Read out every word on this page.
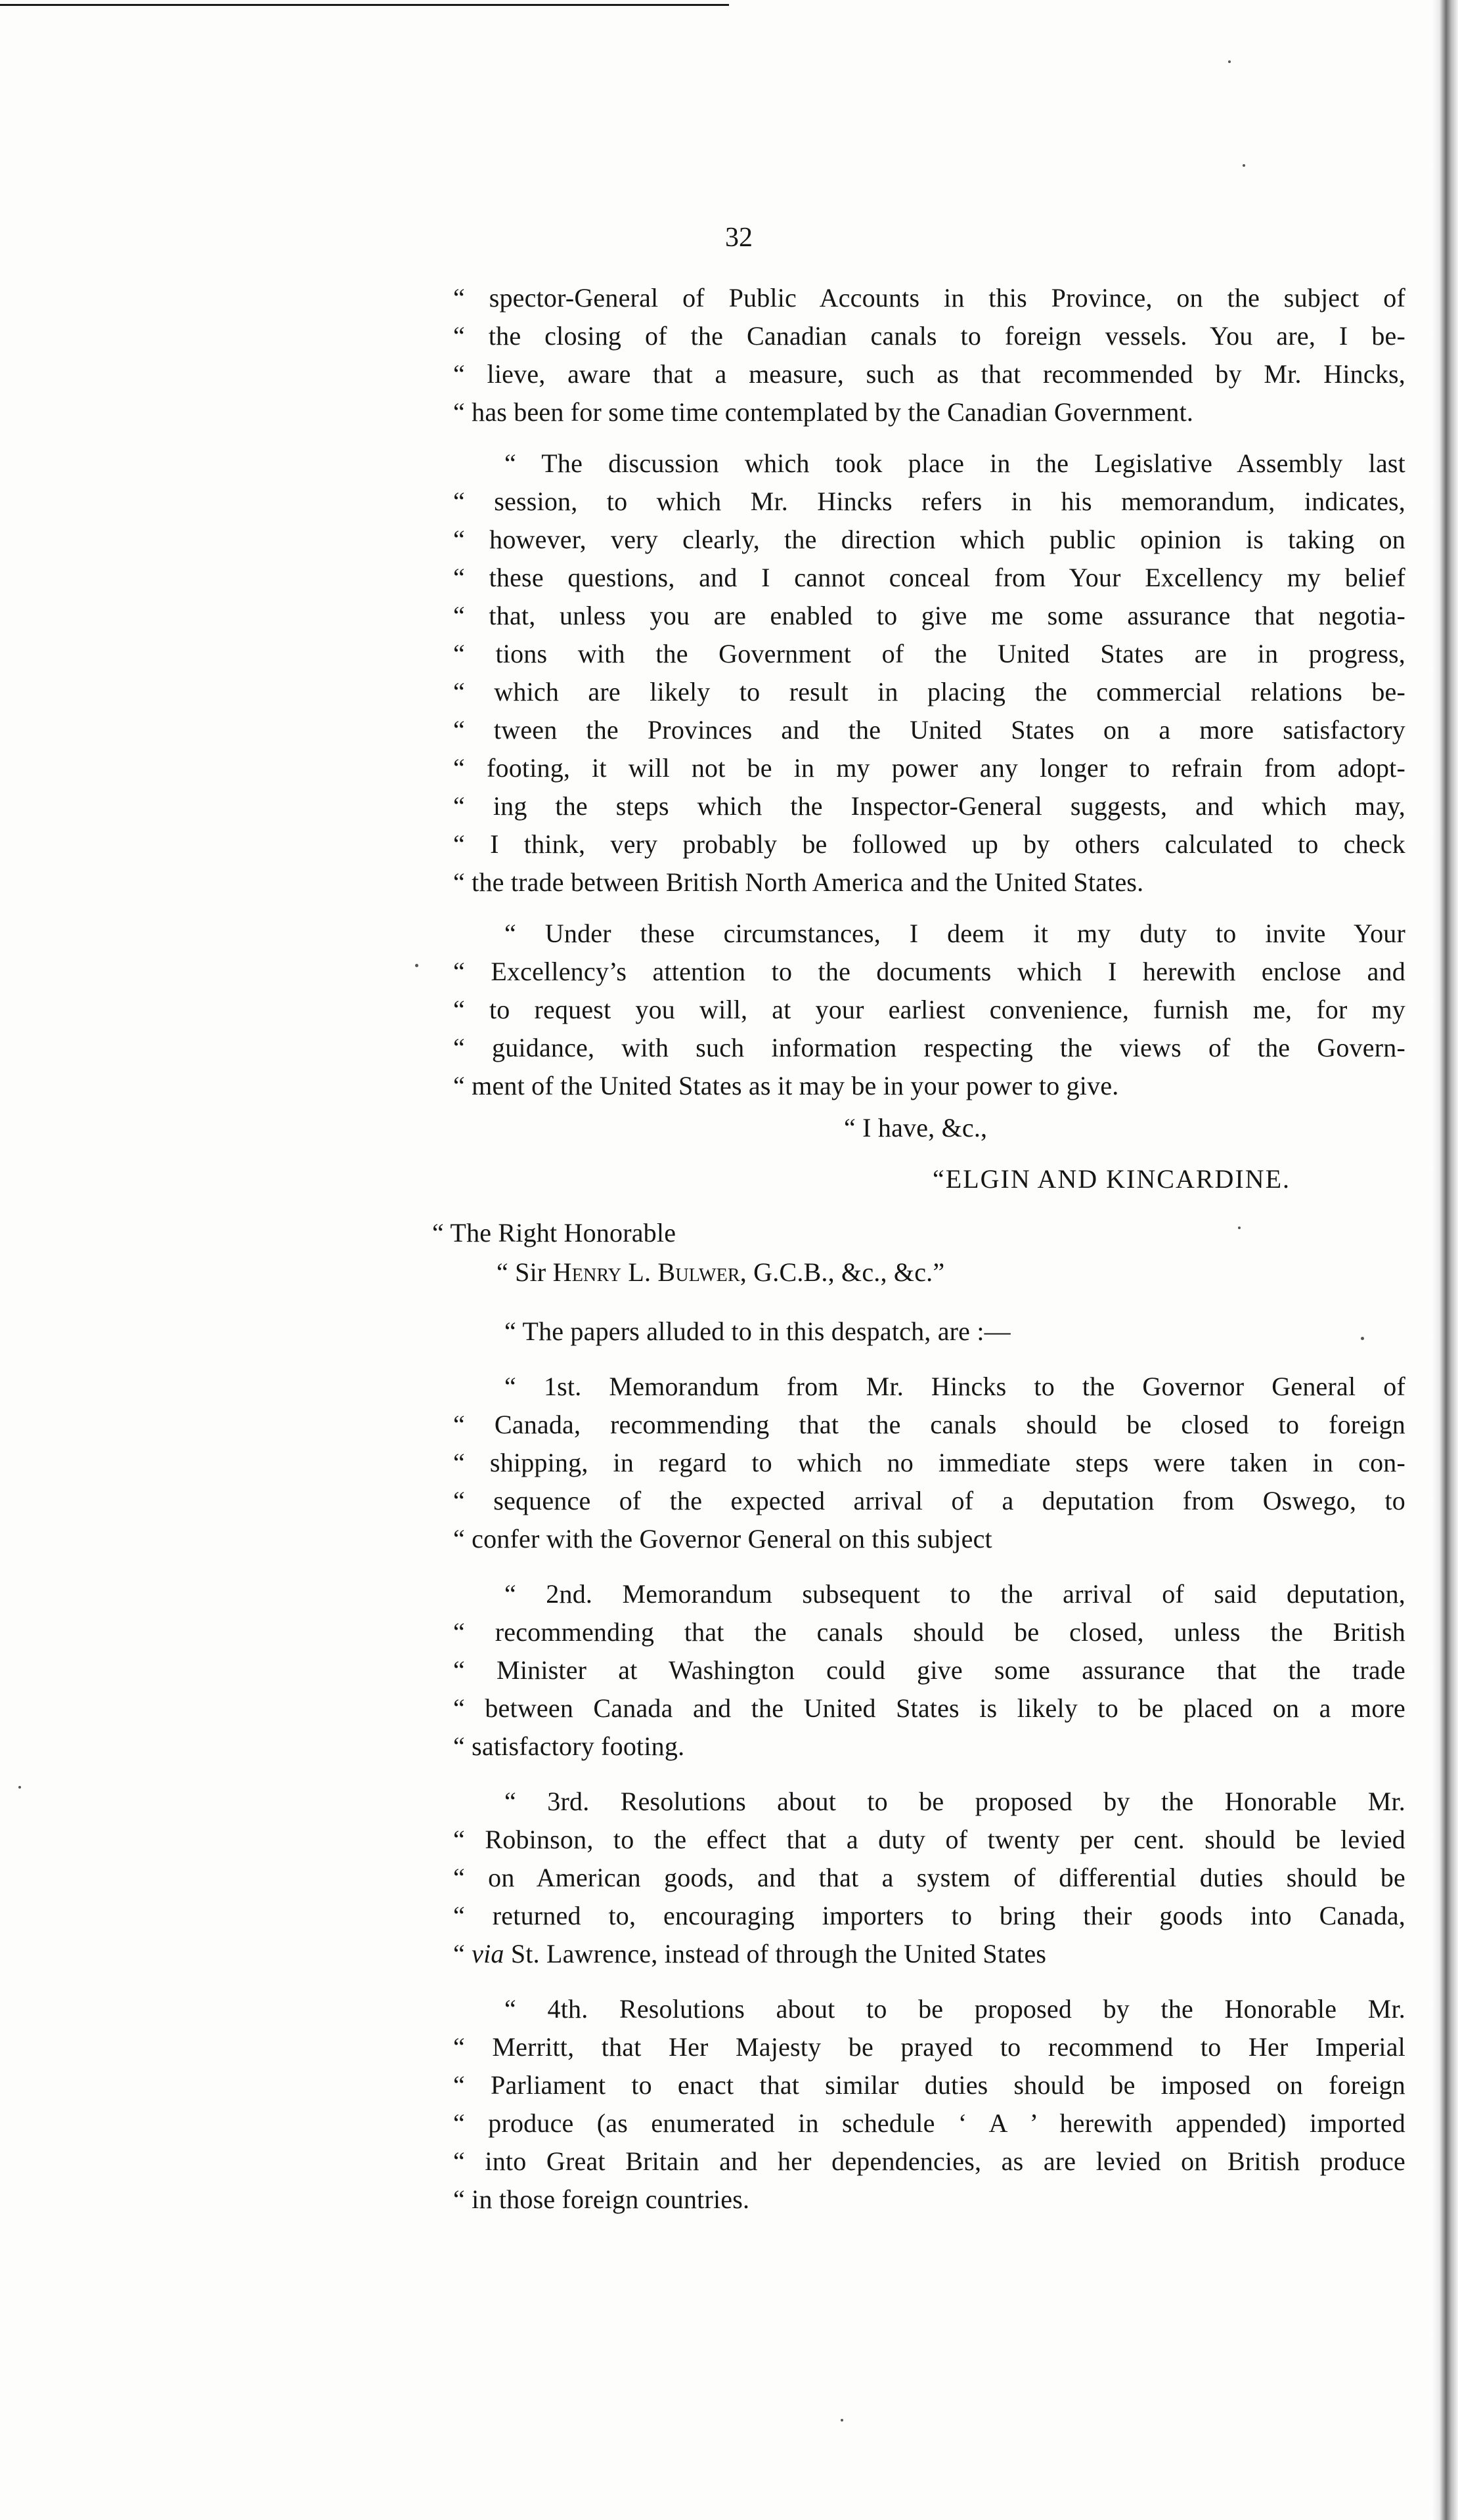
32
“ spector-General of Public Accounts in this Province, on the subject of
“ the closing of the Canadian canals to foreign vessels. You are, I be-
“ lieve, aware that a measure, such as that recommended by Mr. Hincks,
“ has been for some time contemplated by the Canadian Government.
“ The discussion which took place in the Legislative Assembly last
“ session, to which Mr. Hincks refers in his memorandum, indicates,
“ however, very clearly, the direction which public opinion is taking on
“ these questions, and I cannot conceal from Your Excellency my belief
“ that, unless you are enabled to give me some assurance that negotia-
“ tions with the Government of the United States are in progress,
“ which are likely to result in placing the commercial relations be-
“ tween the Provinces and the United States on a more satisfactory
“ footing, it will not be in my power any longer to refrain from adopt-
“ ing the steps which the Inspector-General suggests, and which may,
“ I think, very probably be followed up by others calculated to check
“ the trade between British North America and the United States.
“ Under these circumstances, I deem it my duty to invite Your
“ Excellency’s attention to the documents which I herewith enclose and
“ to request you will, at your earliest convenience, furnish me, for my
“ guidance, with such information respecting the views of the Govern-
“ ment of the United States as it may be in your power to give.
“ I have, &c.,
“ELGIN AND KINCARDINE.
“ The Right Honorable
“ Sir Henry L. Bulwer, G.C.B., &c., &c.”
“ The papers alluded to in this despatch, are :—
“ 1st. Memorandum from Mr. Hincks to the Governor General of
“ Canada, recommending that the canals should be closed to foreign
“ shipping, in regard to which no immediate steps were taken in con-
“ sequence of the expected arrival of a deputation from Oswego, to
“ confer with the Governor General on this subject
“ 2nd. Memorandum subsequent to the arrival of said deputation,
“ recommending that the canals should be closed, unless the British
“ Minister at Washington could give some assurance that the trade
“ between Canada and the United States is likely to be placed on a more
“ satisfactory footing.
“ 3rd. Resolutions about to be proposed by the Honorable Mr.
“ Robinson, to the effect that a duty of twenty per cent. should be levied
“ on American goods, and that a system of differential duties should be
“ returned to, encouraging importers to bring their goods into Canada,
“ via St. Lawrence, instead of through the United States
“ 4th. Resolutions about to be proposed by the Honorable Mr.
“ Merritt, that Her Majesty be prayed to recommend to Her Imperial
“ Parliament to enact that similar duties should be imposed on foreign
“ produce (as enumerated in schedule ‘ A ’ herewith appended) imported
“ into Great Britain and her dependencies, as are levied on British produce
“ in those foreign countries.
